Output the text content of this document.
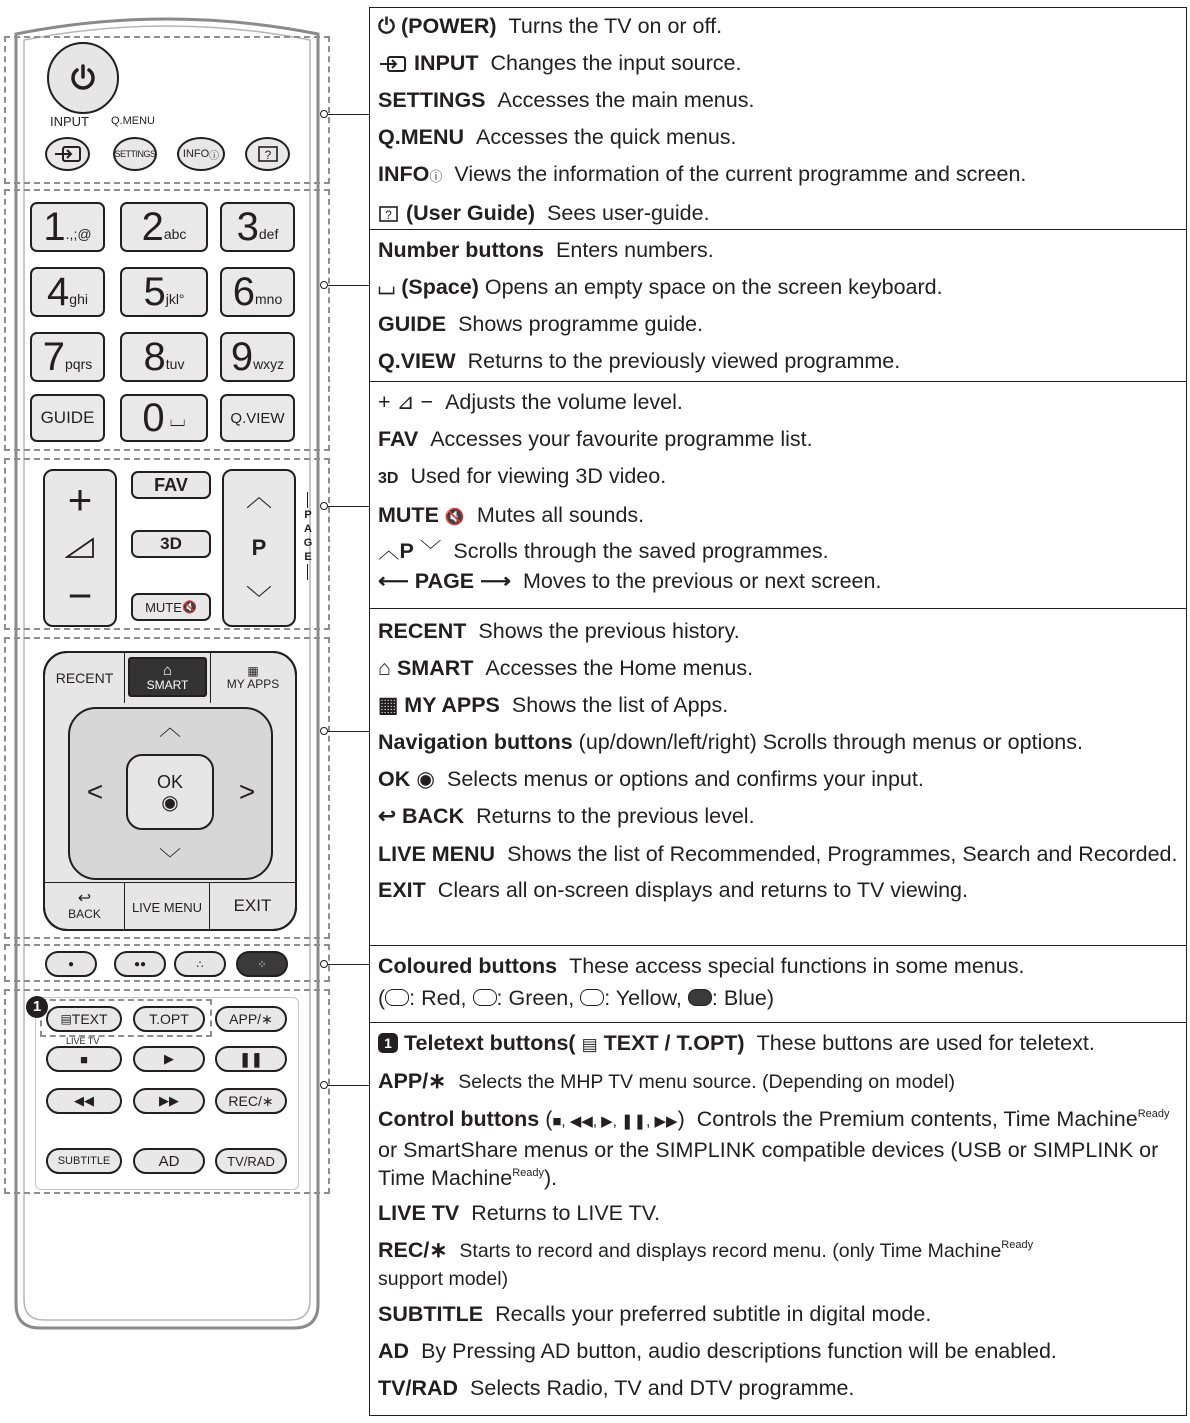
INPUT Q.MENU
SETTINGS INFO ⓘ	?
1 .,;@ 2 abc 3 def
4 ghi 5 jkl° 6 mno
7 pqrs 8 tuv 9 wxyz
GUIDE 0 ⌴	Q.VIEW
+
−
FAV
3D
MUTE 🔇
︿
P
﹀
P
A
G
E
RECENT	⌂
SMART
▦
MY APPS
︿
<	>
﹀
OK
◉
↩
BACK LIVE MENU EXIT
●	●●	∴	⁘
1
▤ TEXT	T.OPT	APP/∗
LIVE TV
■	▶	❚❚
◀◀	▶▶	REC/∗
SUBTITLE	AD	TV/RAD
⏻ (POWER) Turns the TV on or off.
INPUT Changes the input source.
SETTINGS Accesses the main menus.
Q.MENU Accesses the quick menus.
INFOⓘ Views the information of the current programme and screen.
? (User Guide) Sees user-guide.
Number buttons Enters numbers.
⌴ (Space) Opens an empty space on the screen keyboard.
GUIDE Shows programme guide.
Q.VIEW Returns to the previously viewed programme.
+ ⊿ − Adjusts the volume level.
FAV Accesses your favourite programme list.
3D Used for viewing 3D video.
MUTE 🔇 Mutes all sounds.
︿P ﹀ Scrolls through the saved programmes.
⟵ PAGE ⟶ Moves to the previous or next screen.
RECENT Shows the previous history.
⌂ SMART Accesses the Home menus.
▦ MY APPS Shows the list of Apps.
Navigation buttons (up/down/left/right) Scrolls through menus or options.
OK ◉ Selects menus or options and confirms your input.
↩ BACK Returns to the previous level.
LIVE MENU Shows the list of Recommended, Programmes, Search and Recorded.
EXIT Clears all on-screen displays and returns to TV viewing.
Coloured buttons These access special functions in some menus.
( : Red, : Green, : Yellow, : Blue)
1 Teletext buttons( ▤ TEXT / T.OPT) These buttons are used for teletext.
APP/∗ Selects the MHP TV menu source. (Depending on model)
Control buttons (■, ◀◀, ▶, ❚❚, ▶▶) Controls the Premium contents, Time Machine$^{Ready}$ or SmartShare menus or the SIMPLINK compatible devices (USB or SIMPLINK or Time Machine$^{Ready}$).
LIVE TV Returns to LIVE TV.
REC/∗ Starts to record and displays record menu. (only Time Machine$^{Ready}$
support model)
SUBTITLE Recalls your preferred subtitle in digital mode.
AD By Pressing AD button, audio descriptions function will be enabled.
TV/RAD Selects Radio, TV and DTV programme.
